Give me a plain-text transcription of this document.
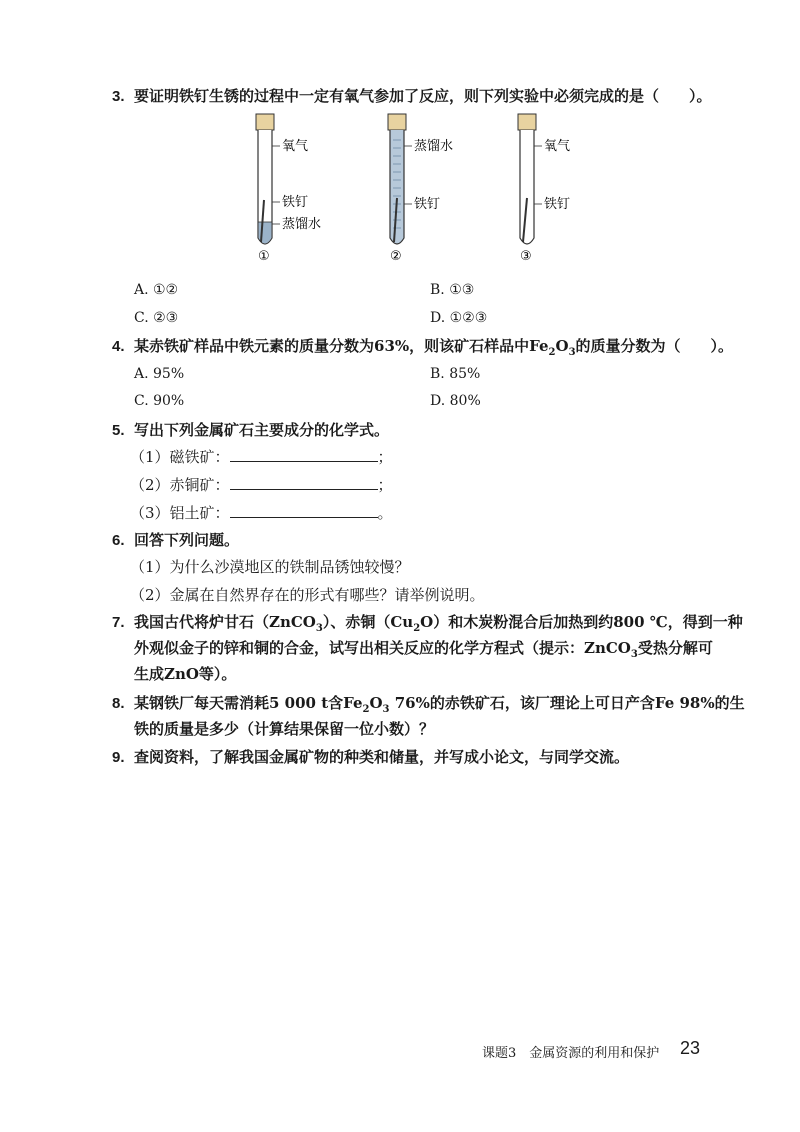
3. 要证明铁钉生锈的过程中一定有氧气参加了反应，则下列实验中必须完成的是（　　）。
氧气
铁钉
蒸馏水
①
蒸馏水
铁钉
②
氧气
铁钉
③
A. ①②	B. ①③
C. ②③	D. ①②③
4. 某赤铁矿样品中铁元素的质量分数为63%，则该矿石样品中$Fe_2O_3$的质量分数为（　　）。
A. 95%	B. 85%
C. 90%	D. 80%
5. 写出下列金属矿石主要成分的化学式。
（1）磁铁矿：	；
（2）赤铜矿：	；
（3）铝土矿：	。
6. 回答下列问题。
（1）为什么沙漠地区的铁制品锈蚀较慢？
（2）金属在自然界存在的形式有哪些？请举例说明。
7. 我国古代将炉甘石（ZnCO$_3$）、赤铜$(Cu_2O)$和木炭粉混合后加热到约800 ℃，得到一种
外观似金子的锌和铜的合金，试写出相关反应的化学方程式（提示：ZnCO$_3$受热分解可
生成ZnO等）。
8. 某钢铁厂每天需消耗5 000 t含$Fe_2O_3$ 76%的赤铁矿石，该厂理论上可日产含Fe 98%的生
铁的质量是多少（计算结果保留一位小数）？
9. 查阅资料，了解我国金属矿物的种类和储量，并写成小论文，与同学交流。
课题3　金属资源的利用和保护 23
